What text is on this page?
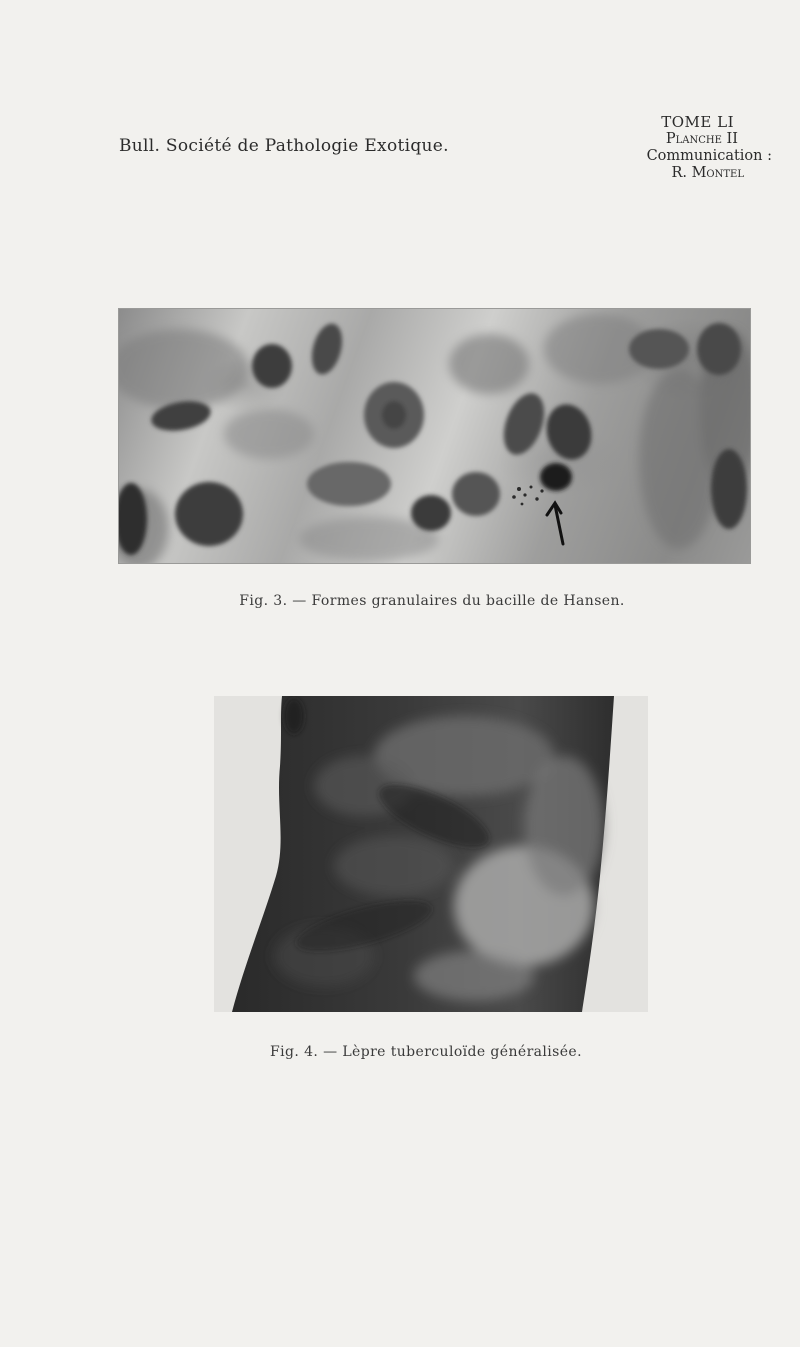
Bull. Société de Pathologie Exotique.
TOME LI
Planche II
Communication :
R. Montel
Fig. 3. — Formes granulaires du bacille de Hansen.
Fig. 4. — Lèpre tuberculoïde généralisée.
